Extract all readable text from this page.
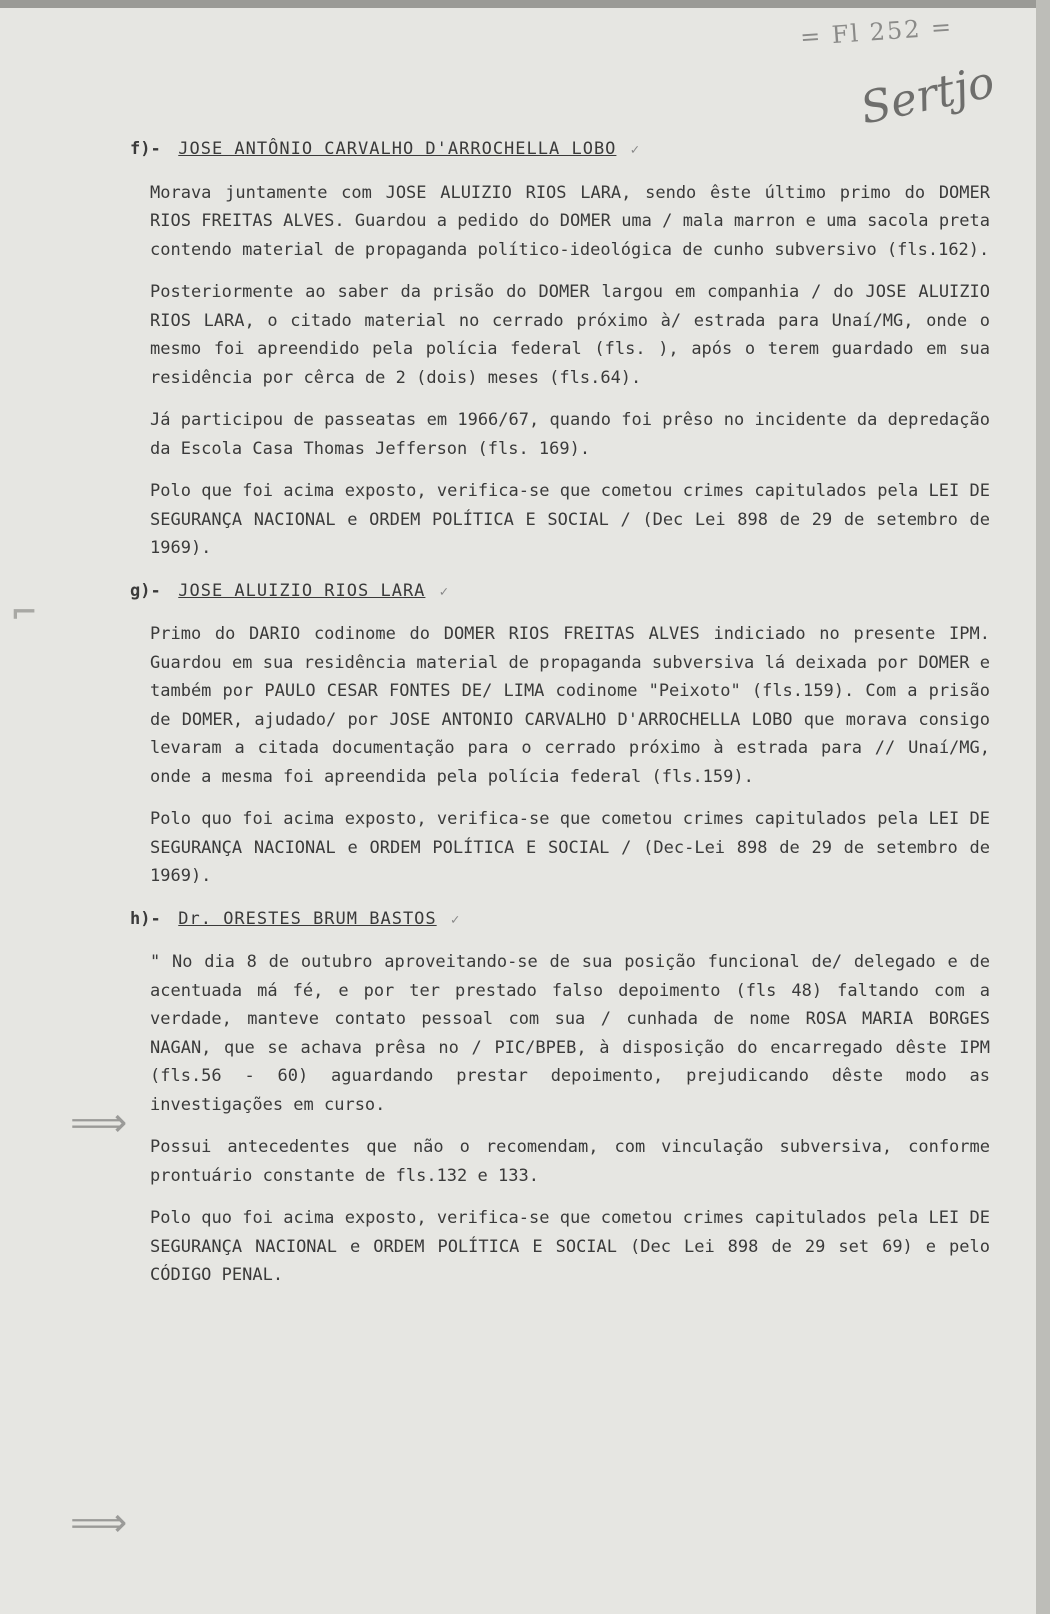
= Fl 252 =
Sertjo
⌐
⟹
⟹
f)- JOSE ANTÔNIO CARVALHO D'ARROCHELLA LOBO ✓

Morava juntamente com JOSE ALUIZIO RIOS LARA, sendo êste último primo do DOMER RIOS FREITAS ALVES. Guardou a pedido do DOMER uma / mala marron e uma sacola preta contendo material de propaganda político-ideológica de cunho subversivo (fls.162).

Posteriormente ao saber da prisão do DOMER largou em companhia / do JOSE ALUIZIO RIOS LARA, o citado material no cerrado próximo à/ estrada para Unaí/MG, onde o mesmo foi apreendido pela polícia federal (fls. ), após o terem guardado em sua residência por cêrca de 2 (dois) meses (fls.64).

Já participou de passeatas em 1966/67, quando foi prêso no incidente da depredação da Escola Casa Thomas Jefferson (fls. 169).

Polo que foi acima exposto, verifica-se que cometou crimes capitulados pela LEI DE SEGURANÇA NACIONAL e ORDEM POLÍTICA E SOCIAL / (Dec Lei 898 de 29 de setembro de 1969).

g)- JOSE ALUIZIO RIOS LARA ✓

Primo do DARIO codinome do DOMER RIOS FREITAS ALVES indiciado no presente IPM. Guardou em sua residência material de propaganda subversiva lá deixada por DOMER e também por PAULO CESAR FONTES DE/ LIMA codinome "Peixoto" (fls.159). Com a prisão de DOMER, ajudado/ por JOSE ANTONIO CARVALHO D'ARROCHELLA LOBO que morava consigo levaram a citada documentação para o cerrado próximo à estrada para // Unaí/MG, onde a mesma foi apreendida pela polícia federal (fls.159).

Polo quo foi acima exposto, verifica-se que cometou crimes capitulados pela LEI DE SEGURANÇA NACIONAL e ORDEM POLÍTICA E SOCIAL / (Dec-Lei 898 de 29 de setembro de 1969).

h)- Dr. ORESTES BRUM BASTOS ✓

" No dia 8 de outubro aproveitando-se de sua posição funcional de/ delegado e de acentuada má fé, e por ter prestado falso depoimento (fls 48) faltando com a verdade, manteve contato pessoal com sua / cunhada de nome ROSA MARIA BORGES NAGAN, que se achava prêsa no / PIC/BPEB, à disposição do encarregado dêste IPM (fls.56 - 60) aguardando prestar depoimento, prejudicando dêste modo as investigações em curso.

Possui antecedentes que não o recomendam, com vinculação subversiva, conforme prontuário constante de fls.132 e 133.

Polo quo foi acima exposto, verifica-se que cometou crimes capitulados pela LEI DE SEGURANÇA NACIONAL e ORDEM POLÍTICA E SOCIAL (Dec Lei 898 de 29 set 69) e pelo CÓDIGO PENAL.
